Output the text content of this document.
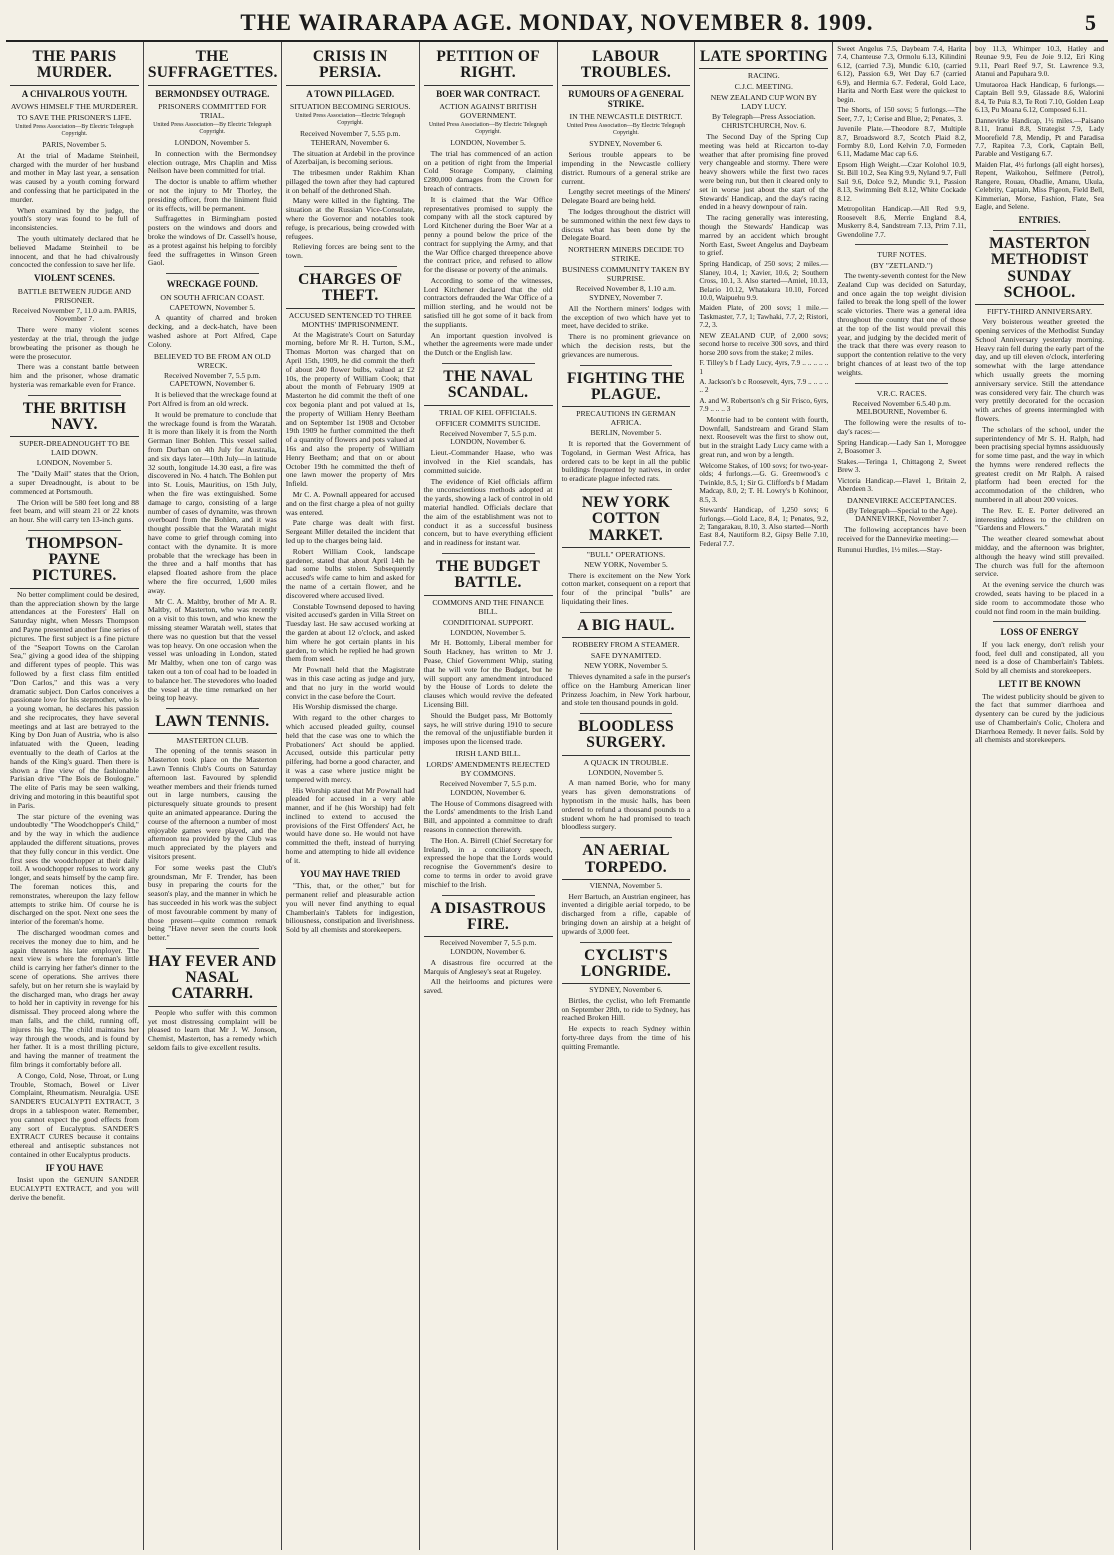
THE WAIRARAPA AGE. MONDAY, NOVEMBER 8. 1909.	5
THE PARIS MURDER.
A CHIVALROUS YOUTH.
AVOWS HIMSELF THE MURDERER.
TO SAVE THE PRISONER'S LIFE.
United Press Association—By Electric Telegraph Copyright.

PARIS, November 5.

At the trial of Madame Steinheil, charged with the murder of her husband and mother in May last year, a sensation was caused by a youth coming forward and confessing that he participated in the murder.

When examined by the judge, the youth's story was found to be full of inconsistencies.

The youth ultimately declared that he believed Madame Steinheil to be innocent, and that he had chivalrously concocted the confession to save her life.

VIOLENT SCENES.
BATTLE BETWEEN JUDGE AND PRISONER.

Received November 7, 11.0 a.m. PARIS, November 7.

There were many violent scenes yesterday at the trial, through the judge browbeating the prisoner as though he were the prosecutor.

There was a constant battle between him and the prisoner, whose dramatic hysteria was remarkable even for France.

THE BRITISH NAVY.
SUPER-DREADNOUGHT TO BE LAID DOWN.

LONDON, November 5.

The "Daily Mail" states that the Orion, a super Dreadnought, is about to be commenced at Portsmouth.

The Orion will be 580 feet long and 88 feet beam, and will steam 21 or 22 knots an hour. She will carry ten 13-inch guns.

THOMPSON-PAYNE PICTURES.

No better compliment could be desired, than the appreciation shown by the large attendances at the Foresters' Hall on Saturday night, when Messrs Thompson and Payne presented another fine series of pictures. The first subject is a fine picture of the "Seaport Towns on the Carolan Sea," giving a good idea of the shipping and different types of people. This was followed by a first class film entitled "Don Carlos," and this was a very dramatic subject. Don Carlos conceives a passionate love for his stepmother, who is a young woman, he declares his passion and she reciprocates, they have several meetings and at last are betrayed to the King by Don Juan of Austria, who is also infatuated with the Queen, leading eventually to the death of Carlos at the hands of the King's guard. Then there is shown a fine view of the fashionable Parisian drive "The Bois de Boulogne." The elite of Paris may be seen walking, driving and motoring in this beautiful spot in Paris.

The star picture of the evening was undoubtedly "The Woodchopper's Child," and by the way in which the audience applauded the different situations, proves that they fully concur in this verdict. One first sees the woodchopper at their daily toil. A woodchopper refuses to work any longer, and seats himself by the camp fire. The foreman notices this, and remonstrates, whereupon the lazy fellow attempts to strike him. Of course he is discharged on the spot. Next one sees the interior of the foreman's home.

The discharged woodman comes and receives the money due to him, and he again threatens his late employer. The next view is where the foreman's little child is carrying her father's dinner to the scene of operations. She arrives there safely, but on her return she is waylaid by the discharged man, who drags her away to hold her in captivity in revenge for his dismissal. They proceed along where the man falls, and the child, running off, injures his leg. The child maintains her way through the woods, and is found by her father. It is a most thrilling picture, and having the manner of treatment the film brings it comfortably before all.

A Congo, Cold, Nose, Throat, or Lung Trouble, Stomach, Bowel or Liver Complaint, Rheumatism. Neuralgia. USE SANDER'S EUCALYPTI EXTRACT, 3 drops in a tablespoon water. Remember, you cannot expect the good effects from any sort of Eucalyptus. SANDER'S EXTRACT CURES because it contains ethereal and antiseptic substances not contained in other Eucalyptus products.

IF YOU HAVE

Insist upon the GENUIN SANDER EUCALYPTI EXTRACT, and you will derive the benefit.

THE SUFFRAGETTES.
BERMONDSEY OUTRAGE.
PRISONERS COMMITTED FOR TRIAL.
United Press Association—By Electric Telegraph Copyright.

LONDON, November 5.

In connection with the Bermondsey election outrage, Mrs Chaplin and Miss Neilson have been committed for trial.

The doctor is unable to affirm whether or not the injury to Mr Thorley, the presiding officer, from the liniment fluid or its effects, will be permanent.

Suffragettes in Birmingham posted posters on the windows and doors and broke the windows of Dr. Cassell's house, as a protest against his helping to forcibly feed the suffragettes in Winson Green Gaol.

WRECKAGE FOUND.
ON SOUTH AFRICAN COAST.

CAPETOWN, November 5.

A quantity of charred and broken decking, and a deck-hatch, have been washed ashore at Port Alfred, Cape Colony.

BELIEVED TO BE FROM AN OLD WRECK.

Received November 7, 5.5 p.m. CAPETOWN, November 6.

It is believed that the wreckage found at Port Alfred is from an old wreck.

It would be premature to conclude that the wreckage found is from the Waratah. It is more than likely it is from the North German liner Bohlen. This vessel sailed from Durban on 4th July for Australia, and six days later—10th July—in latitude 32 south, longitude 14.30 east, a fire was discovered in No. 4 hatch. The Bohlen put into St. Louis, Mauritius, on 15th July, when the fire was extinguished. Some damage to cargo, consisting of a large number of cases of dynamite, was thrown overboard from the Bohlen, and it was thought possible that the Waratah might have come to grief through coming into contact with the dynamite. It is more probable that the wreckage has been in the three and a half months that has elapsed floated ashore from the place where the fire occurred, 1,600 miles away.

Mr C. A. Maltby, brother of Mr A. R. Maltby, of Masterton, who was recently on a visit to this town, and who knew the missing steamer Waratah well, states that there was no question but that the vessel was top heavy. On one occasion when the vessel was unloading in London, stated Mr Maltby, when one ton of cargo was taken out a ton of coal had to be loaded in to balance her. The stevedores who loaded the vessel at the time remarked on her being top heavy.

LAWN TENNIS.
MASTERTON CLUB.

The opening of the tennis season in Masterton took place on the Masterton Lawn Tennis Club's Courts on Saturday afternoon last. Favoured by splendid weather members and their friends turned out in large numbers, causing the picturesquely situate grounds to present quite an animated appearance. During the course of the afternoon a number of most enjoyable games were played, and the afternoon tea provided by the Club was much appreciated by the players and visitors present.

For some weeks past the Club's groundsman, Mr F. Trender, has been busy in preparing the courts for the season's play, and the manner in which he has succeeded in his work was the subject of most favourable comment by many of those present—quite common remark being "Have never seen the courts look better."

HAY FEVER AND NASAL CATARRH.

People who suffer with this common yet most distressing complaint will be pleased to learn that Mr J. W. Jonson, Chemist, Masterton, has a remedy which seldom fails to give excellent results.

CRISIS IN PERSIA.
A TOWN PILLAGED.
SITUATION BECOMING SERIOUS.
United Press Association—Electric Telegraph Copyright.

Received November 7, 5.55 p.m. TEHERAN, November 6.

The situation at Ardebil in the province of Azerbaijan, is becoming serious.

The tribesmen under Rakhim Khan pillaged the town after they had captured it on behalf of the dethroned Shah.

Many were killed in the fighting. The situation at the Russian Vice-Consulate, where the Governor and notables took refuge, is precarious, being crowded with refugees.

Relieving forces are being sent to the town.

CHARGES OF THEFT.
ACCUSED SENTENCED TO THREE MONTHS' IMPRISONMENT.

At the Magistrate's Court on Saturday morning, before Mr R. H. Turton, S.M., Thomas Morton was charged that on April 15th, 1909, he did commit the theft of about 240 flower bulbs, valued at £2 10s, the property of William Cook; that about the month of February 1909 at Masterton he did commit the theft of one cox begonia plant and pot valued at 1s, the property of William Henry Beetham and on September 1st 1908 and October 19th 1909 he further committed the theft of a quantity of flowers and pots valued at 16s and also the property of William Henry Beetham; and that on or about October 19th he committed the theft of one lawn mower the property of Mrs Infield.

Mr C. A. Pownall appeared for accused and on the first charge a plea of not guilty was entered.

Pate charge was dealt with first. Sergeant Miller detailed the incident that led up to the charges being laid.

Robert William Cook, landscape gardener, stated that about April 14th he had some bulbs stolen. Subsequently accused's wife came to him and asked for the name of a certain flower, and he discovered where accused lived.

Constable Townsend deposed to having visited accused's garden in Villa Street on Tuesday last. He saw accused working at the garden at about 12 o'clock, and asked him where he got certain plants in his garden, to which he replied he had grown them from seed.

Mr Pownall held that the Magistrate was in this case acting as judge and jury, and that no jury in the world would convict in the case before the Court.

His Worship dismissed the charge.

With regard to the other charges to which accused pleaded guilty, counsel held that the case was one to which the Probationers' Act should be applied. Accused, outside this particular petty pilfering, had borne a good character, and it was a case where justice might be tempered with mercy.

His Worship stated that Mr Pownall had pleaded for accused in a very able manner, and if he (his Worship) had felt inclined to extend to accused the provisions of the First Offenders' Act, he would have done so. He would not have committed the theft, instead of hurrying home and attempting to hide all evidence of it.

YOU MAY HAVE TRIED

"This, that, or the other," but for permanent relief and pleasurable action you will never find anything to equal Chamberlain's Tablets for indigestion, biliousness, constipation and liverishness. Sold by all chemists and storekeepers.

PETITION OF RIGHT.
BOER WAR CONTRACT.
ACTION AGAINST BRITISH GOVERNMENT.
United Press Association—By Electric Telegraph Copyright.

LONDON, November 5.

The trial has commenced of an action on a petition of right from the Imperial Cold Storage Company, claiming £280,000 damages from the Crown for breach of contracts.

It is claimed that the War Office representatives promised to supply the company with all the stock captured by Lord Kitchener during the Boer War at a penny a pound below the price of the contract for supplying the Army, and that the War Office charged threepence above the contract price, and refused to allow for the disease or poverty of the animals.

According to some of the witnesses, Lord Kitchener declared that the old contractors defrauded the War Office of a million sterling, and he would not be satisfied till he got some of it back from the suppliants.

An important question involved is whether the agreements were made under the Dutch or the English law.

THE NAVAL SCANDAL.
TRIAL OF KIEL OFFICIALS.
OFFICER COMMITS SUICIDE.

Received November 7, 5.5 p.m. LONDON, November 6.

Lieut.-Commander Haase, who was involved in the Kiel scandals, has committed suicide.

The evidence of Kiel officials affirm the unconscientious methods adopted at the yards, showing a lack of control in old material handled. Officials declare that the aim of the establishment was not to conduct it as a successful business concern, but to have everything efficient and in readiness for instant war.

THE BUDGET BATTLE.
COMMONS AND THE FINANCE BILL.
CONDITIONAL SUPPORT.

LONDON, November 5.

Mr H. Bottomly, Liberal member for South Hackney, has written to Mr J. Pease, Chief Government Whip, stating that he will vote for the Budget, but he will support any amendment introduced by the House of Lords to delete the clauses which would revive the defeated Licensing Bill.

Should the Budget pass, Mr Bottomly says, he will strive during 1910 to secure the removal of the unjustifiable burden it imposes upon the licensed trade.

IRISH LAND BILL.
LORDS' AMENDMENTS REJECTED BY COMMONS.

Received November 7, 5.5 p.m. LONDON, November 6.

The House of Commons disagreed with the Lords' amendments to the Irish Land Bill, and appointed a committee to draft reasons in connection therewith.

The Hon. A. Birrell (Chief Secretary for Ireland), in a conciliatory speech, expressed the hope that the Lords would recognise the Government's desire to come to terms in order to avoid grave mischief to the Irish.

A DISASTROUS FIRE.

Received November 7, 5.5 p.m. LONDON, November 6.

A disastrous fire occurred at the Marquis of Anglesey's seat at Rugeley.

All the heirlooms and pictures were saved.

LABOUR TROUBLES.
RUMOURS OF A GENERAL STRIKE.
IN THE NEWCASTLE DISTRICT.
United Press Association—By Electric Telegraph Copyright.

SYDNEY, November 6.

Serious trouble appears to be impending in the Newcastle colliery district. Rumours of a general strike are current.

Lengthy secret meetings of the Miners' Delegate Board are being held.

The lodges throughout the district will be summoned within the next few days to discuss what has been done by the Delegate Board.

NORTHERN MINERS DECIDE TO STRIKE.
BUSINESS COMMUNITY TAKEN BY SURPRISE.

Received November 8, 1.10 a.m. SYDNEY, November 7.

All the Northern miners' lodges with the exception of two which have yet to meet, have decided to strike.

There is no prominent grievance on which the decision rests, but the grievances are numerous.

FIGHTING THE PLAGUE.
PRECAUTIONS IN GERMAN AFRICA.

BERLIN, November 5.

It is reported that the Government of Togoland, in German West Africa, has ordered cats to be kept in all the public buildings frequented by natives, in order to eradicate plague infected rats.

NEW YORK COTTON MARKET.
"BULL" OPERATIONS.

NEW YORK, November 5.

There is excitement on the New York cotton market, consequent on a report that four of the principal "bulls" are liquidating their lines.

A BIG HAUL.
ROBBERY FROM A STEAMER.
SAFE DYNAMITED.

NEW YORK, November 5.

Thieves dynamited a safe in the purser's office on the Hamburg American liner Prinzess Joachim, in New York harbour, and stole ten thousand pounds in gold.

BLOODLESS SURGERY.
A QUACK IN TROUBLE.

LONDON, November 5.

A man named Borie, who for many years has given demonstrations of hypnotism in the music halls, has been ordered to refund a thousand pounds to a student whom he had promised to teach bloodless surgery.

AN AERIAL TORPEDO.

VIENNA, November 5.

Herr Bartuch, an Austrian engineer, has invented a dirigible aerial torpedo, to be discharged from a rifle, capable of bringing down an airship at a height of upwards of 3,000 feet.

CYCLIST'S LONGRIDE.

SYDNEY, November 6.

Birtles, the cyclist, who left Fremantle on September 28th, to ride to Sydney, has reached Broken Hill.

He expects to reach Sydney within forty-three days from the time of his quitting Fremantle.

LATE SPORTING
RACING.
C.J.C. MEETING.
NEW ZEALAND CUP WON BY LADY LUCY.

By Telegraph—Press Association. CHRISTCHURCH, Nov. 6.

The Second Day of the Spring Cup meeting was held at Riccarton to-day weather that after promising fine proved very changeable and stormy. There were heavy showers while the first two races were being run, but then it cleared only to set in worse just about the start of the Stewards' Handicap, and the day's racing ended in a heavy downpour of rain.

The racing generally was interesting, though the Stewards' Handicap was marred by an accident which brought North East, Sweet Angelus and Daybeam to grief.

Spring Handicap, of 250 sovs; 2 miles.—Slaney, 10.4, 1; Xavier, 10.6, 2; Southern Cross, 10.1, 3. Also started—Amiel, 10.13, Belario 10.12, Whatakura 10.10, Forced 10.0, Waipuehu 9.9.

Maiden Plate, of 200 sovs; 1 mile.—Taskmaster, 7.7, 1; Tawhaki, 7.7, 2; Ristori, 7.2, 3.

NEW ZEALAND CUP, of 2,000 sovs; second horse to receive 300 sovs, and third horse 200 sovs from the stake; 2 miles.

F. Tilley's b f Lady Lucy, 4yrs, 7.9 .. .. .. .. .. 1

A. Jackson's b c Roosevelt, 4yrs, 7.9 .. .. .. .. .. 2

A. and W. Robertson's ch g Sir Frisco, 6yrs, 7.9 .. .. .. 3

Montrie had to be content with fourth, Downfall, Sandstream and Grand Slam next. Roosevelt was the first to show out, but in the straight Lady Lucy came with a great run, and won by a length.

Welcome Stakes, of 100 sovs; for two-year-olds; 4 furlongs.—G. G. Greenwood's c Twinkle, 8.5, 1; Sir G. Clifford's b f Madam Madcap, 8.0, 2; T. H. Lowry's b Kohinoor, 8.5, 3.

Stewards' Handicap, of 1,250 sovs; 6 furlongs.—Gold Lace, 8.4, 1; Penates, 9.2, 2; Tangarakau, 8.10, 3. Also started—North East 8.4, Nautiform 8.2, Gipsy Belle 7.10, Federal 7.7.

Sweet Angelus 7.5, Daybeam 7.4, Harita 7.4, Chanteuse 7.3, Ormolu 6.13, Kilindini 6.12, (carried 7.3), Mundic 6.10, (carried 6.12), Passion 6.9, Wet Day 6.7 (carried 6.9), and Hermia 6.7. Federal, Gold Lace, Harita and North East were the quickest to begin.

The Shorts, of 150 sovs; 5 furlongs.—The Seer, 7.7, 1; Cerise and Blue, 2; Penates, 3.

Juvenile Plate.—Theodore 8.7, Multiple 8.7, Broadsword 8.7, Scotch Plaid 8.2, Formby 8.0, Lord Kelvin 7.0, Formeden 6.11, Madame Mac cap 6.6.

Epsom High Weight.—Czar Kolohol 10.9, St. Bill 10.2, Sea King 9.9, Nyland 9.7, Full Sail 9.6, Dolce 9.2, Mundic 9.1, Passion 8.13, Swimming Belt 8.12, White Cockade 8.12.

Metropolitan Handicap.—All Red 9.9, Roosevelt 8.6, Merrie England 8.4, Muskerry 8.4, Sandstream 7.13, Prim 7.11, Gwendoline 7.7.

TURF NOTES.
(BY "ZETLAND.")

The twenty-seventh contest for the New Zealand Cup was decided on Saturday, and once again the top weight division failed to break the long spell of the lower scale victories. There was a general idea throughout the country that one of those at the top of the list would prevail this year, and judging by the decided merit of the track that there was every reason to support the contention relative to the very bright chances of at least two of the top weights.

V.R.C. RACES.

Received November 6.5.40 p.m. MELBOURNE, November 6.

The following were the results of to-day's races:—

Spring Handicap.—Lady San 1, Moroggee 2, Boasomer 3.

Stakes.—Teringa 1, Chittagong 2, Sweet Brew 3.

Victoria Handicap.—Flavel 1, Britain 2, Aberdeen 3.

DANNEVIRKE ACCEPTANCES.

(By Telegraph—Special to the Age). DANNEVIRKE, November 7.

The following acceptances have been received for the Dannevirke meeting:—

Rununui Hurdles, 1½ miles.—Stay-

boy 11.3, Whimper 10.3, Hatley and Reunae 9.9, Feu de Joie 9.12, Eri King 9.11, Pearl Reef 9.7, St. Lawrence 9.3, Atanui and Papuhara 9.0.

Umutaoroa Hack Handicap, 6 furlongs.—Captain Bell 9.9, Glassade 8.6, Walorini 8.4, Te Puia 8.3, Te Roti 7.10, Golden Leap 6.13, Pu Moana 6.12, Composed 6.11.

Dannevirke Handicap, 1½ miles.—Paisano 8.11, Iranui 8.8, Strategist 7.9, Lady Moorefield 7.8, Mendip, Pt and Paradisa 7.7, Rapitea 7.3, Cork, Captain Bell, Parable and Vestigang 6.7.

Maiden Flat, 4½ furlongs (all eight horses), Repent, Waikohou, Selfmere (Petrol), Rangere, Rouau, Obadlie, Amanu, Ukula, Celebrity, Captain, Miss Pigeon, Field Bell, Kimmerian, Morse, Fashion, Flate, Sea Eagle, and Selene.

ENTRIES.
MASTERTON METHODIST SUNDAY SCHOOL.
FIFTY-THIRD ANNIVERSARY.

Very boisterous weather greeted the opening services of the Methodist Sunday School Anniversary yesterday morning. Heavy rain fell during the early part of the day, and up till eleven o'clock, interfering somewhat with the large attendance which usually greets the morning anniversary service. Still the attendance was considered very fair. The church was very prettily decorated for the occasion with arches of greens intermingled with flowers.

The scholars of the school, under the superintendency of Mr S. H. Ralph, had been practising special hymns assiduously for some time past, and the way in which the hymns were rendered reflects the greatest credit on Mr Ralph. A raised platform had been erected for the accommodation of the children, who numbered in all about 200 voices.

The Rev. E. E. Porter delivered an interesting address to the children on "Gardens and Flowers."

The weather cleared somewhat about midday, and the afternoon was brighter, although the heavy wind still prevailed. The church was full for the afternoon service.

At the evening service the church was crowded, seats having to be placed in a side room to accommodate those who could not find room in the main building.

LOSS OF ENERGY

If you lack energy, don't relish your food, feel dull and constipated, all you need is a dose of Chamberlain's Tablets. Sold by all chemists and storekeepers.

LET IT BE KNOWN

The widest publicity should be given to the fact that summer diarrhoea and dysentery can be cured by the judicious use of Chamberlain's Colic, Cholera and Diarrhoea Remedy. It never fails. Sold by all chemists and storekeepers.
